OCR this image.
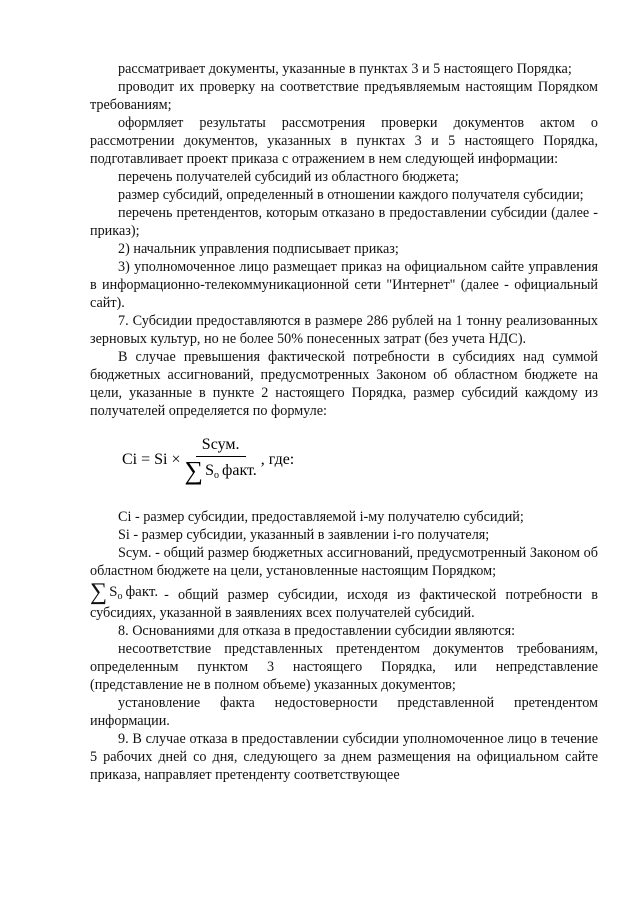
рассматривает документы, указанные в пунктах 3 и 5 настоящего Порядка;

проводит их проверку на соответствие предъявляемым настоящим Порядком требованиям;

оформляет результаты рассмотрения проверки документов актом о рассмотрении документов, указанных в пунктах 3 и 5 настоящего Порядка, подготавливает проект приказа с отражением в нем следующей информации:

перечень получателей субсидий из областного бюджета;

размер субсидий, определенный в отношении каждого получателя субсидии;

перечень претендентов, которым отказано в предоставлении субсидии (далее - приказ);

2) начальник управления подписывает приказ;

3) уполномоченное лицо размещает приказ на официальном сайте управления в информационно-телекоммуникационной сети "Интернет" (далее - официальный сайт).

7. Субсидии предоставляются в размере 286 рублей на 1 тонну реализованных зерновых культур, но не более 50% понесенных затрат (без учета НДС).

В случае превышения фактической потребности в субсидиях над суммой бюджетных ассигнований, предусмотренных Законом об областном бюджете на цели, указанные в пункте 2 настоящего Порядка, размер субсидий каждому из получателей определяется по формуле:

$Ci = Si \times \frac{\text{Sсум.}}{\text{∑ S o факт.}}$ , где:

Ci - размер субсидии, предоставляемой i-му получателю субсидий;

Si - размер субсидии, указанный в заявлении i-го получателя;

Sсум. - общий размер бюджетных ассигнований, предусмотренный Законом об областном бюджете на цели, установленные настоящим Порядком;

∑ S o факт. - общий размер субсидии, исходя из фактической потребности в субсидиях, указанной в заявлениях всех получателей субсидий.

8. Основаниями для отказа в предоставлении субсидии являются:

несоответствие представленных претендентом документов требованиям, определенным пунктом 3 настоящего Порядка, или непредставление (представление не в полном объеме) указанных документов;

установление факта недостоверности представленной претендентом информации.

9. В случае отказа в предоставлении субсидии уполномоченное лицо в течение 5 рабочих дней со дня, следующего за днем размещения на официальном сайте приказа, направляет претенденту соответствующее
